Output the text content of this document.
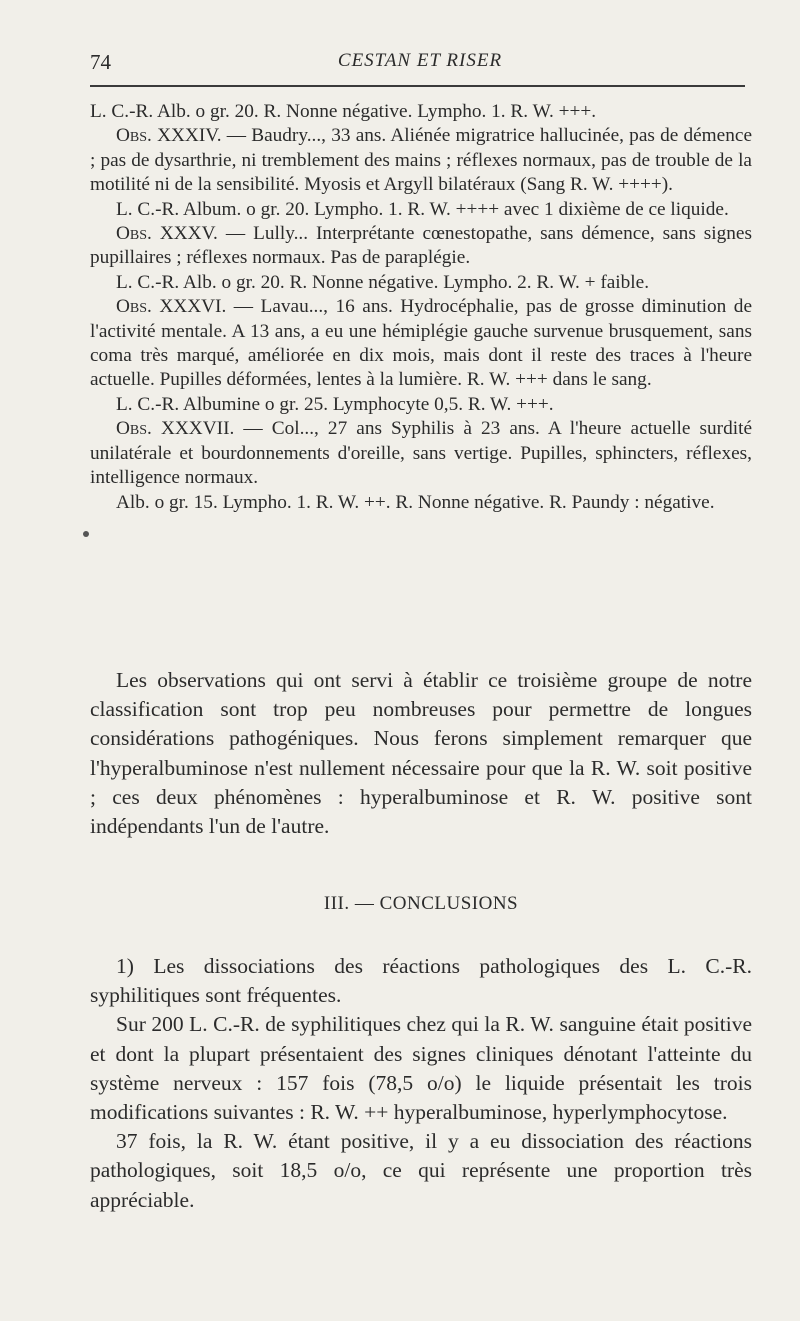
74	CESTAN ET RISER

L. C.-R. Alb. o gr. 20. R. Nonne négative. Lympho. 1. R. W. +++.

Obs. XXXIV. — Baudry..., 33 ans. Aliénée migratrice hallucinée, pas de démence ; pas de dysarthrie, ni tremblement des mains ; réflexes normaux, pas de trouble de la motilité ni de la sensibilité. Myosis et Argyll bilatéraux (Sang R. W. ++++).

L. C.-R. Album. o gr. 20. Lympho. 1. R. W. ++++ avec 1 dixième de ce liquide.

Obs. XXXV. — Lully... Interprétante cœnestopathe, sans démence, sans signes pupillaires ; réflexes normaux. Pas de paraplégie.

L. C.-R. Alb. o gr. 20. R. Nonne négative. Lympho. 2. R. W. + faible.

Obs. XXXVI. — Lavau..., 16 ans. Hydrocéphalie, pas de grosse diminution de l'activité mentale. A 13 ans, a eu une hémiplégie gauche survenue brusquement, sans coma très marqué, améliorée en dix mois, mais dont il reste des traces à l'heure actuelle. Pupilles déformées, lentes à la lumière. R. W. +++ dans le sang.

L. C.-R. Albumine o gr. 25. Lymphocyte 0,5. R. W. +++.

Obs. XXXVII. — Col..., 27 ans Syphilis à 23 ans. A l'heure actuelle surdité unilatérale et bourdonnements d'oreille, sans vertige. Pupilles, sphincters, réflexes, intelligence normaux.

Alb. o gr. 15. Lympho. 1. R. W. ++. R. Nonne négative. R. Paundy : négative.

Les observations qui ont servi à établir ce troisième groupe de notre classification sont trop peu nombreuses pour permettre de longues considérations pathogéniques. Nous ferons simplement remarquer que l'hyperalbuminose n'est nullement nécessaire pour que la R. W. soit positive ; ces deux phénomènes : hyperalbuminose et R. W. positive sont indépendants l'un de l'autre.

III. — CONCLUSIONS

1) Les dissociations des réactions pathologiques des L. C.-R. syphilitiques sont fréquentes.

Sur 200 L. C.-R. de syphilitiques chez qui la R. W. sanguine était positive et dont la plupart présentaient des signes cliniques dénotant l'atteinte du système nerveux : 157 fois (78,5 o/o) le liquide présentait les trois modifications suivantes : R. W. ++ hyperalbuminose, hyperlymphocytose.

37 fois, la R. W. étant positive, il y a eu dissociation des réactions pathologiques, soit 18,5 o/o, ce qui représente une proportion très appréciable.
